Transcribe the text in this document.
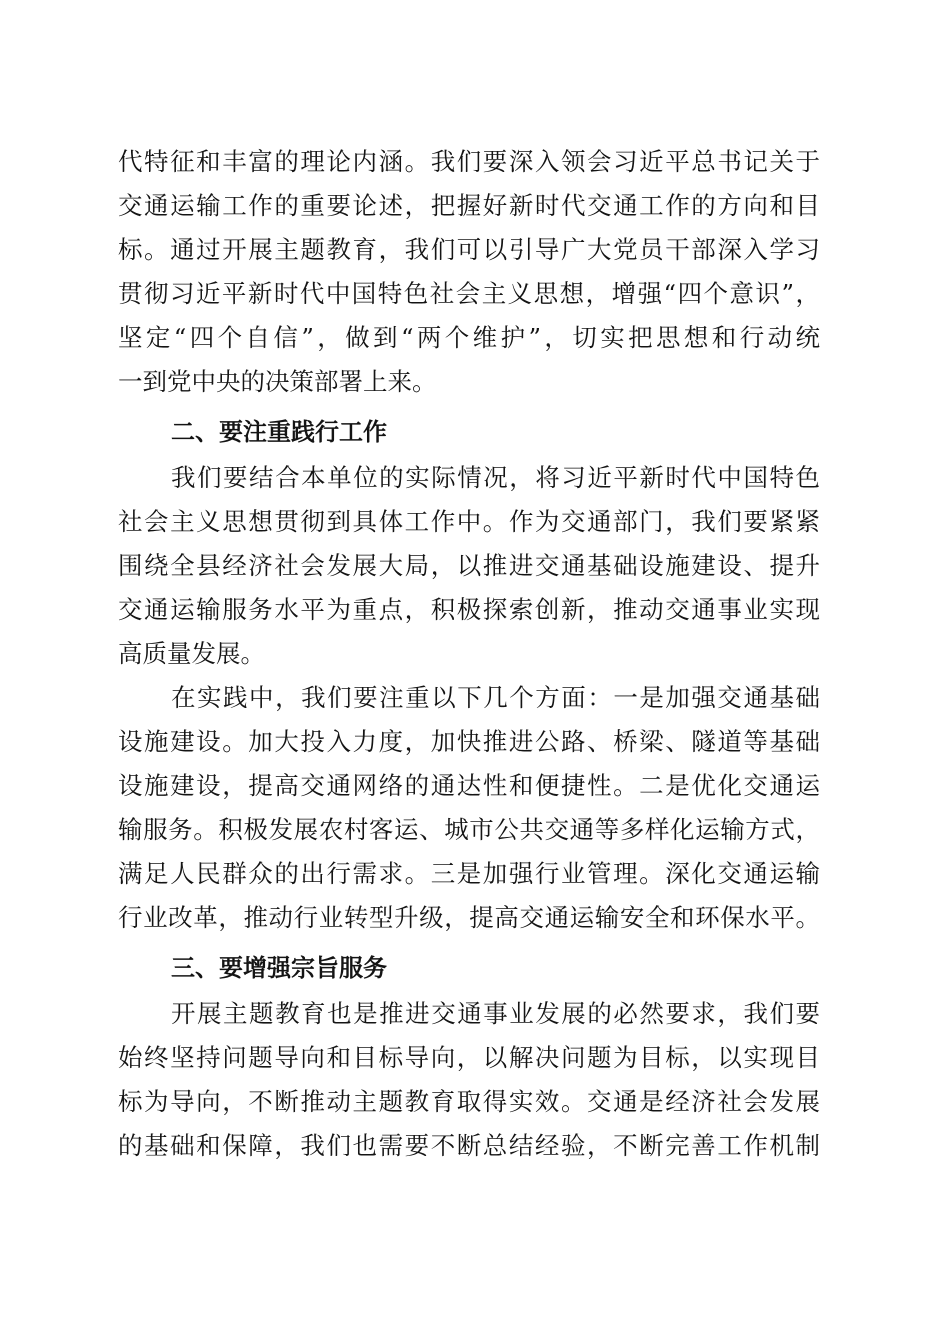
代特征和丰富的理论内涵。我们要深入领会习近平总书记关于
交通运输工作的重要论述，把握好新时代交通工作的方向和目
标。通过开展主题教育，我们可以引导广大党员干部深入学习
贯彻习近平新时代中国特色社会主义思想，增强“四个意识”，
坚定“四个自信”，做到“两个维护”，切实把思想和行动统
一到党中央的决策部署上来。
二、要注重践行工作
我们要结合本单位的实际情况，将习近平新时代中国特色
社会主义思想贯彻到具体工作中。作为交通部门，我们要紧紧
围绕全县经济社会发展大局，以推进交通基础设施建设、提升
交通运输服务水平为重点，积极探索创新，推动交通事业实现
高质量发展。
在实践中，我们要注重以下几个方面：一是加强交通基础
设施建设。加大投入力度，加快推进公路、桥梁、隧道等基础
设施建设，提高交通网络的通达性和便捷性。二是优化交通运
输服务。积极发展农村客运、城市公共交通等多样化运输方式，
满足人民群众的出行需求。三是加强行业管理。深化交通运输
行业改革，推动行业转型升级，提高交通运输安全和环保水平。
三、要增强宗旨服务
开展主题教育也是推进交通事业发展的必然要求，我们要
始终坚持问题导向和目标导向，以解决问题为目标，以实现目
标为导向，不断推动主题教育取得实效。交通是经济社会发展
的基础和保障，我们也需要不断总结经验，不断完善工作机制
